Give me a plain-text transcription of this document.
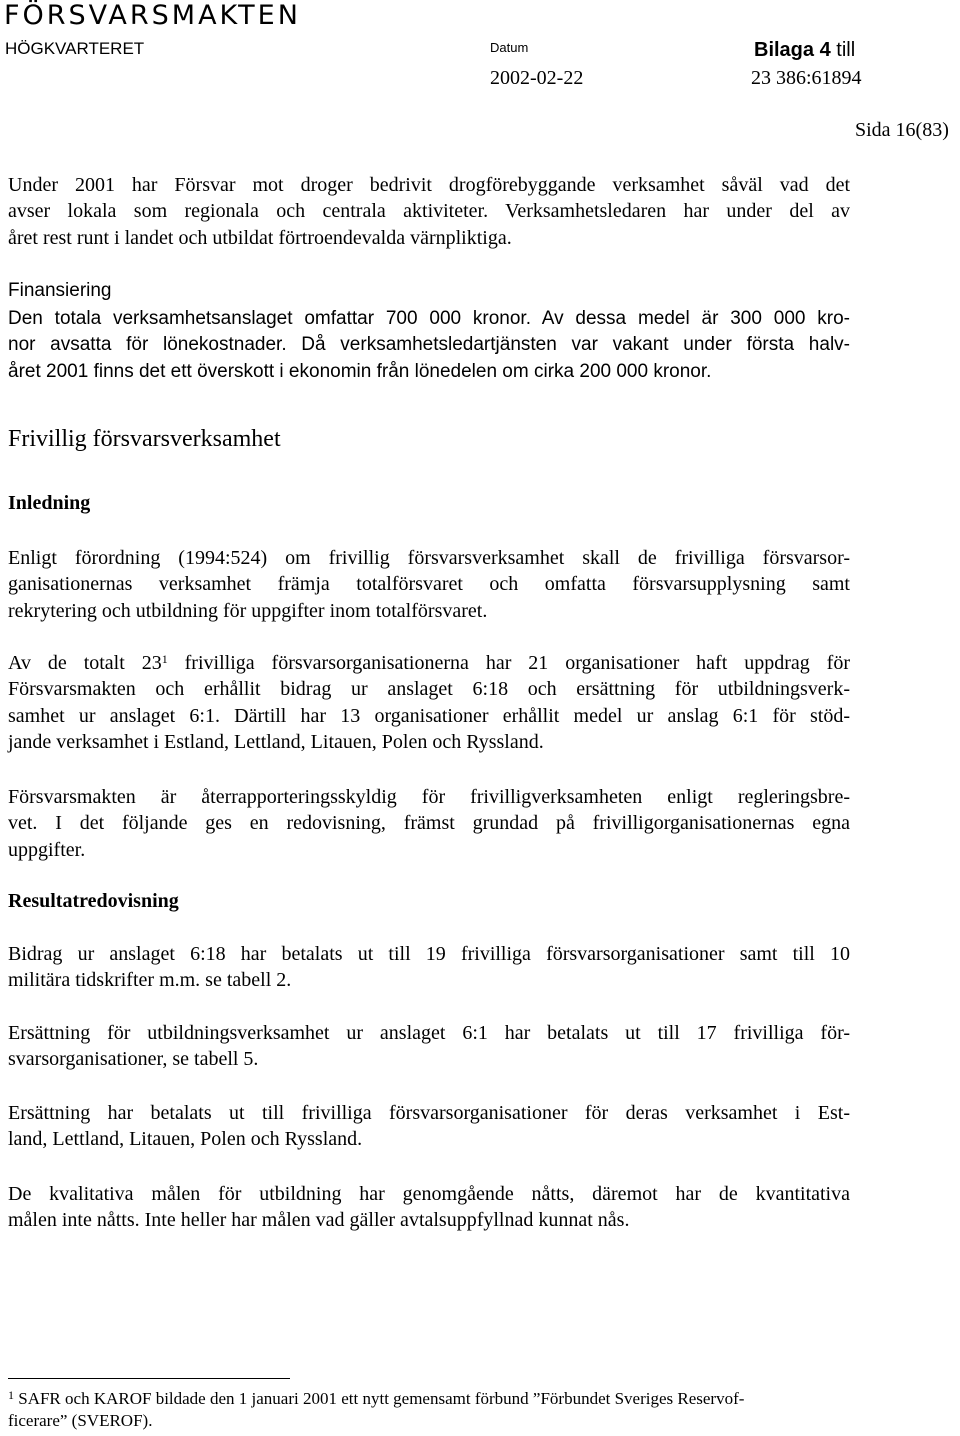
FÖRSVARSMAKTEN
HÖGKVARTERET	Datum	Bilaga 4 till
2002-02-22	23 386:61894
Sida 16(83)
Under 2001 har Försvar mot droger bedrivit drogförebyggande verksamhet såväl vad det
avser lokala som regionala och centrala aktiviteter. Verksamhetsledaren har under del av
året rest runt i landet och utbildat förtroendevalda värnpliktiga.
Finansiering
Den totala verksamhetsanslaget omfattar 700 000 kronor. Av dessa medel är 300 000 kro-
nor avsatta för lönekostnader. Då verksamhetsledartjänsten var vakant under första halv-
året 2001 finns det ett överskott i ekonomin från lönedelen om cirka 200 000 kronor.
Frivillig försvarsverksamhet
Inledning
Enligt förordning (1994:524) om frivillig försvarsverksamhet skall de frivilliga försvarsor-
ganisationernas verksamhet främja totalförsvaret och omfatta försvarsupplysning samt
rekrytering och utbildning för uppgifter inom totalförsvaret.
Av de totalt $23^1$ frivilliga försvarsorganisationerna har 21 organisationer haft uppdrag för
Försvarsmakten och erhållit bidrag ur anslaget 6:18 och ersättning för utbildningsverk-
samhet ur anslaget 6:1. Därtill har 13 organisationer erhållit medel ur anslag 6:1 för stöd-
jande verksamhet i Estland, Lettland, Litauen, Polen och Ryssland.
Försvarsmakten är återrapporteringsskyldig för frivilligverksamheten enligt regleringsbre-
vet. I det följande ges en redovisning, främst grundad på frivilligorganisationernas egna
uppgifter.
Resultatredovisning
Bidrag ur anslaget 6:18 har betalats ut till 19 frivilliga försvarsorganisationer samt till 10
militära tidskrifter m.m. se tabell 2.
Ersättning för utbildningsverksamhet ur anslaget 6:1 har betalats ut till 17 frivilliga för-
svarsorganisationer, se tabell 5.
Ersättning har betalats ut till frivilliga försvarsorganisationer för deras verksamhet i Est-
land, Lettland, Litauen, Polen och Ryssland.
De kvalitativa målen för utbildning har genomgående nåtts, däremot har de kvantitativa
målen inte nåtts. Inte heller har målen vad gäller avtalsuppfyllnad kunnat nås.
$^1$ SAFR och KAROF bildade den 1 januari 2001 ett nytt gemensamt förbund ”Förbundet Sveriges Reservof-
ficerare” (SVEROF).
